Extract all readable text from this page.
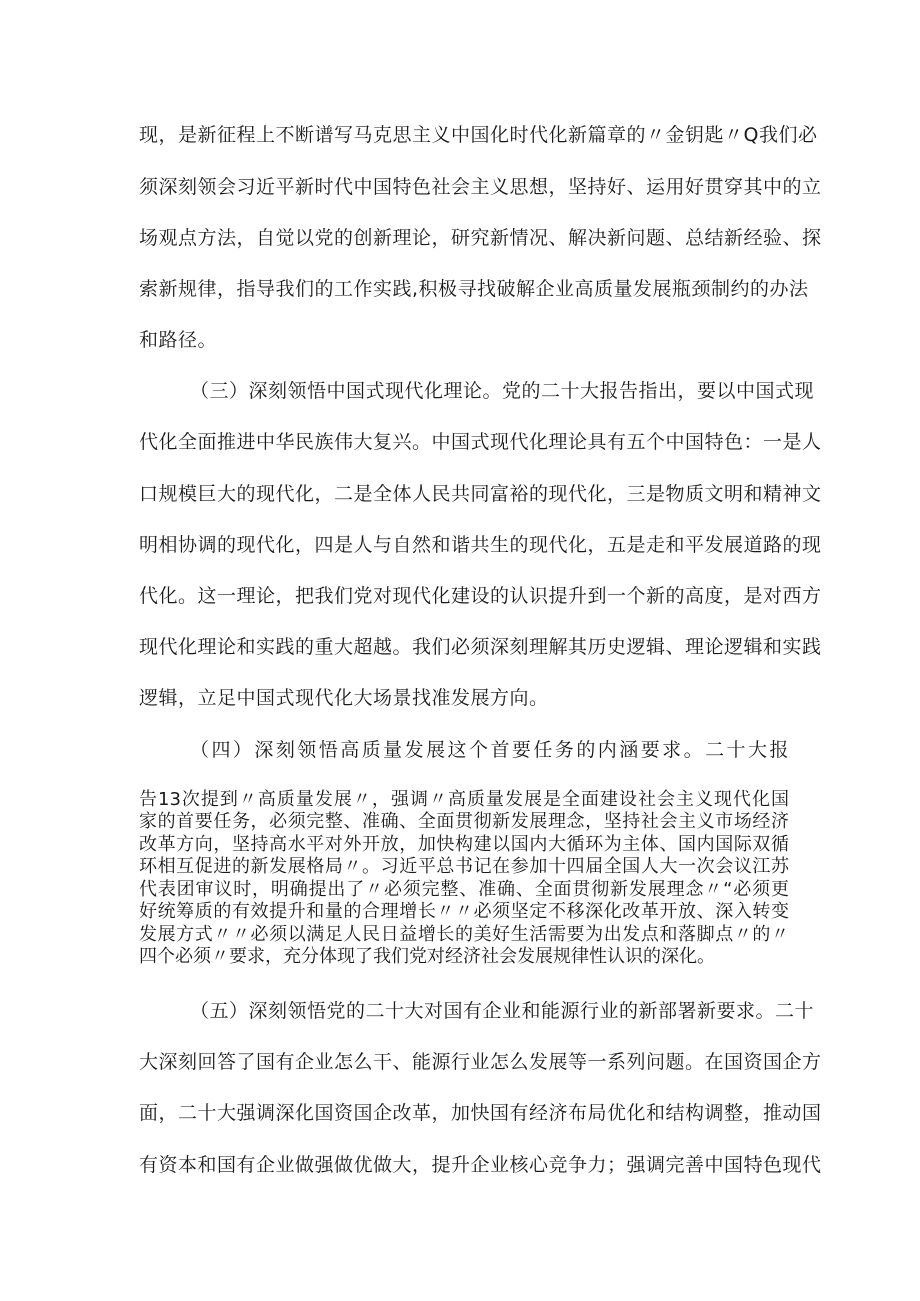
现，是新征程上不断谱写马克思主义中国化时代化新篇章的〃金钥匙〃Q我们必
须深刻领会习近平新时代中国特色社会主义思想，坚持好、运用好贯穿其中的立
场观点方法，自觉以党的创新理论，研究新情况、解决新问题、总结新经验、探
索新规律，指导我们的工作实践,积极寻找破解企业高质量发展瓶颈制约的办法
和路径。
（三）深刻领悟中国式现代化理论。党的二十大报告指出，要以中国式现
代化全面推进中华民族伟大复兴。中国式现代化理论具有五个中国特色：一是人
口规模巨大的现代化，二是全体人民共同富裕的现代化，三是物质文明和精神文
明相协调的现代化，四是人与自然和谐共生的现代化，五是走和平发展道路的现
代化。这一理论，把我们党对现代化建设的认识提升到一个新的高度，是对西方
现代化理论和实践的重大超越。我们必须深刻理解其历史逻辑、理论逻辑和实践
逻辑，立足中国式现代化大场景找准发展方向。
（四）深刻领悟高质量发展这个首要任务的内涵要求。二十大报
告13次提到〃高质量发展〃，强调〃高质量发展是全面建设社会主义现代化国
家的首要任务，必须完整、准确、全面贯彻新发展理念，坚持社会主义市场经济
改革方向，坚持高水平对外开放，加快构建以国内大循环为主体、国内国际双循
环相互促进的新发展格局〃。习近平总书记在参加十四届全国人大一次会议江苏
代表团审议时，明确提出了〃必须完整、准确、全面贯彻新发展理念〃“必须更
好统筹质的有效提升和量的合理增长〃〃必须坚定不移深化改革开放、深入转变
发展方式〃〃必须以满足人民日益增长的美好生活需要为出发点和落脚点〃的〃
四个必须〃要求，充分体现了我们党对经济社会发展规律性认识的深化。
（五）深刻领悟党的二十大对国有企业和能源行业的新部署新要求。二十
大深刻回答了国有企业怎么干、能源行业怎么发展等一系列问题。在国资国企方
面，二十大强调深化国资国企改革，加快国有经济布局优化和结构调整，推动国
有资本和国有企业做强做优做大，提升企业核心竞争力；强调完善中国特色现代
